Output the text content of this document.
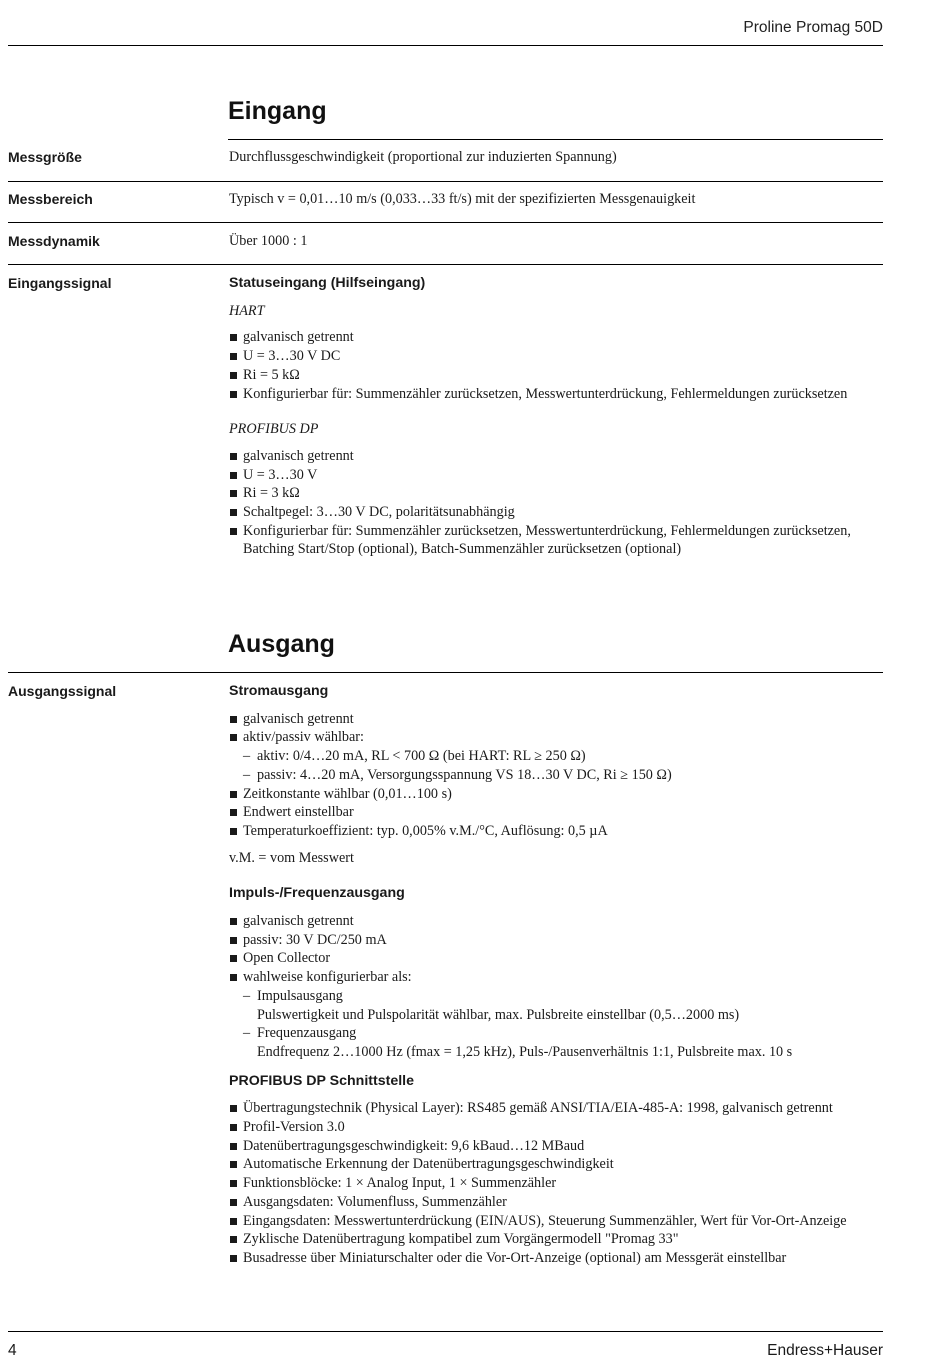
Proline Promag 50D
Eingang
Messgröße	Durchflussgeschwindigkeit (proportional zur induzierten Spannung)
Messbereich	Typisch v = 0,01…10 m/s (0,033…33 ft/s) mit der spezifizierten Messgenauigkeit
Messdynamik	Über 1000 : 1
Eingangssignal	Statuseingang (Hilfseingang)
HART
galvanisch getrennt
U = 3…30 V DC
Ri = 5 kΩ
Konfigurierbar für: Summenzähler zurücksetzen, Messwertunterdrückung, Fehlermeldungen zurücksetzen
PROFIBUS DP
galvanisch getrennt
U = 3…30 V
Ri = 3 kΩ
Schaltpegel: 3…30 V DC, polaritätsunabhängig
Konfigurierbar für: Summenzähler zurücksetzen, Messwertunterdrückung, Fehlermeldungen zurücksetzen, Batching Start/Stop (optional), Batch-Summenzähler zurücksetzen (optional)
Ausgang
Ausgangssignal	Stromausgang
galvanisch getrennt
aktiv/passiv wählbar:
– aktiv: 0/4…20 mA, RL < 700 Ω (bei HART: RL ≥ 250 Ω)
– passiv: 4…20 mA, Versorgungsspannung VS 18…30 V DC, Ri ≥ 150 Ω)
Zeitkonstante wählbar (0,01…100 s)
Endwert einstellbar
Temperaturkoeffizient: typ. 0,005% v.M./°C, Auflösung: 0,5 µA
v.M. = vom Messwert
Impuls-/Frequenzausgang
galvanisch getrennt
passiv: 30 V DC/250 mA
Open Collector
wahlweise konfigurierbar als:
– Impulsausgang
Pulswertigkeit und Pulspolarität wählbar, max. Pulsbreite einstellbar (0,5…2000 ms)
– Frequenzausgang
Endfrequenz 2…1000 Hz (fmax = 1,25 kHz), Puls-/Pausenverhältnis 1:1, Pulsbreite max. 10 s
PROFIBUS DP Schnittstelle
Übertragungstechnik (Physical Layer): RS485 gemäß ANSI/TIA/EIA-485-A: 1998, galvanisch getrennt
Profil-Version 3.0
Datenübertragungsgeschwindigkeit: 9,6 kBaud…12 MBaud
Automatische Erkennung der Datenübertragungsgeschwindigkeit
Funktionsblöcke: 1 × Analog Input, 1 × Summenzähler
Ausgangsdaten: Volumenfluss, Summenzähler
Eingangsdaten: Messwertunterdrückung (EIN/AUS), Steuerung Summenzähler, Wert für Vor-Ort-Anzeige
Zyklische Datenübertragung kompatibel zum Vorgängermodell "Promag 33"
Busadresse über Miniaturschalter oder die Vor-Ort-Anzeige (optional) am Messgerät einstellbar
4	Endress+Hauser
